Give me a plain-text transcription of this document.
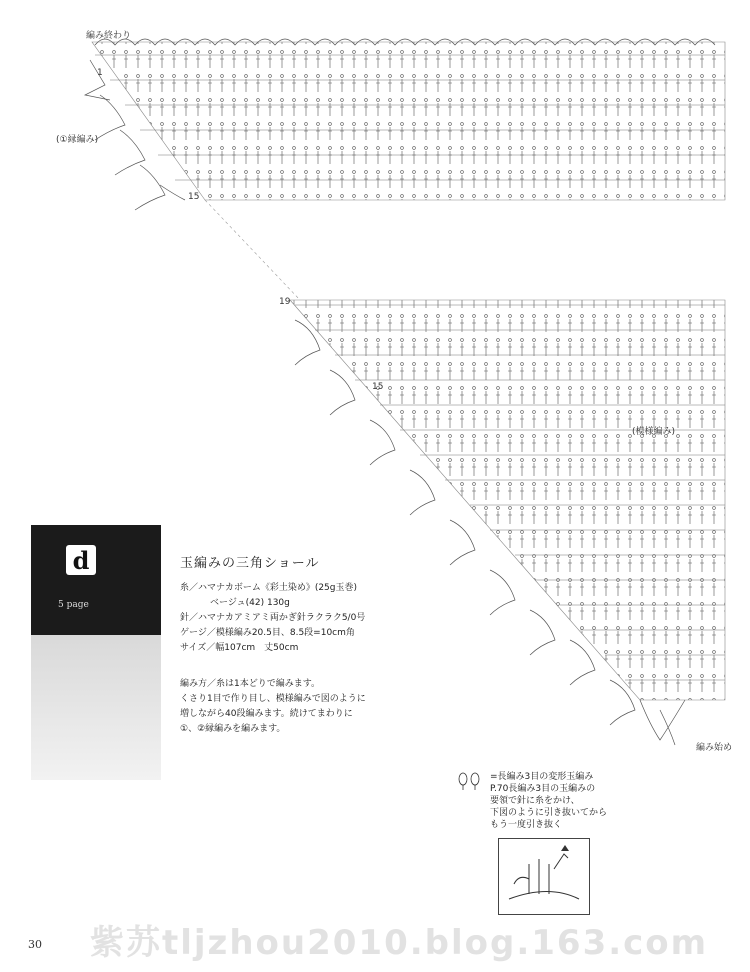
編み終わり
(①縁編み)
(模様編み)
編み始め
1
15
19
15
d
5 page
玉編みの三角ショール
糸／ハマナカボーム《彩土染め》(25g玉巻)
ベージュ(42) 130g
針／ハマナカアミアミ両かぎ針ラクラク5/0号
ゲージ／模様編み20.5目、8.5段=10cm角
サイズ／幅107cm　丈50cm
編み方／糸は1本どりで編みます。
くさり1目で作り目し、模様編みで図のように
増しながら40段編みます。続けてまわりに
①、②縁編みを編みます。
=長編み3目の変形玉編み
P.70長編み3目の玉編みの
要領で針に糸をかけ、
下図のように引き抜いてから
もう一度引き抜く
紫苏tljzhou2010.blog.163.com
30
